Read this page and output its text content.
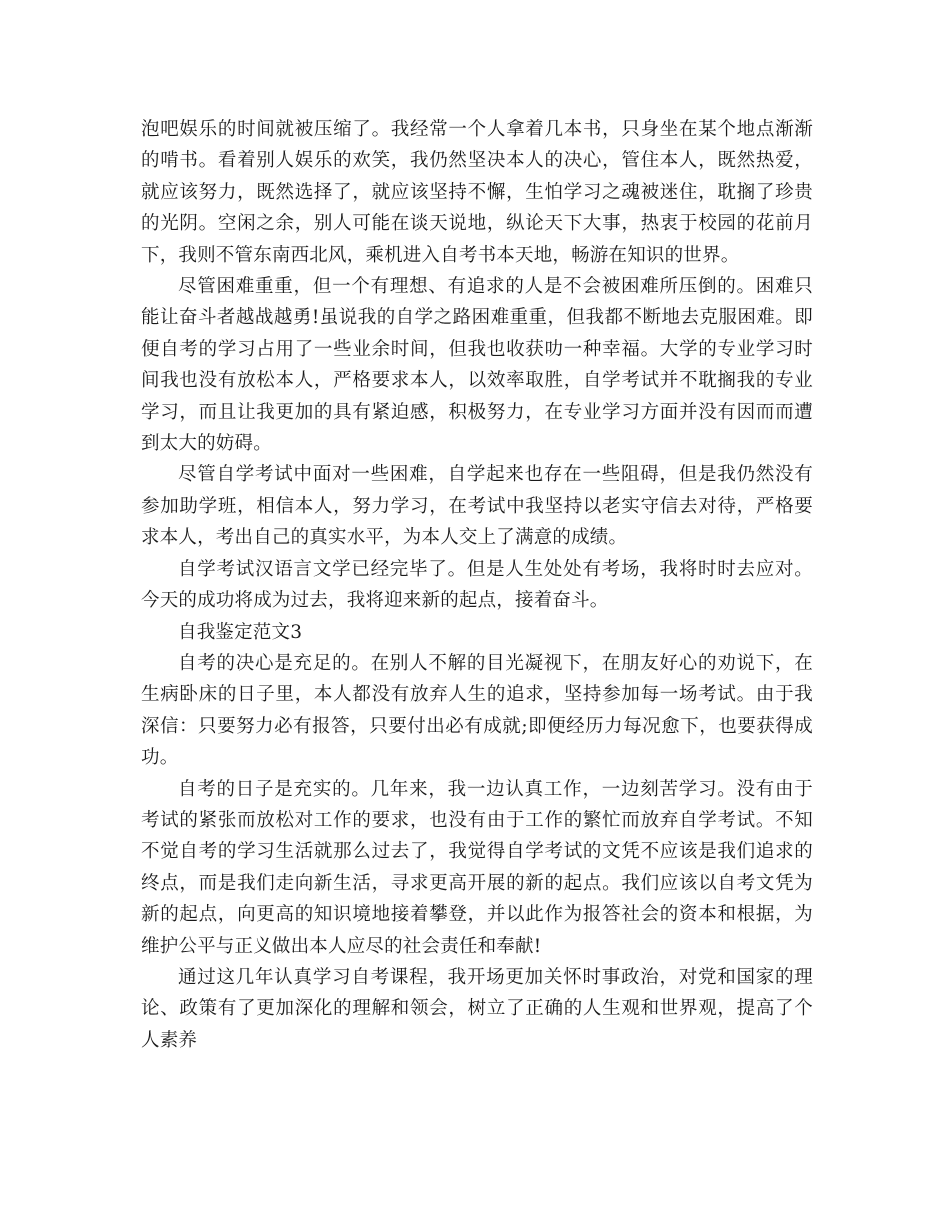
泡吧娱乐的时间就被压缩了。我经常一个人拿着几本书，只身坐在某个地点渐渐的啃书。看着别人娱乐的欢笑，我仍然坚决本人的决心，管住本人，既然热爱，就应该努力，既然选择了，就应该坚持不懈，生怕学习之魂被迷住，耽搁了珍贵的光阴。空闲之余，别人可能在谈天说地，纵论天下大事，热衷于校园的花前月下，我则不管东南西北风，乘机进入自考书本天地，畅游在知识的世界。

尽管困难重重，但一个有理想、有追求的人是不会被困难所压倒的。困难只能让奋斗者越战越勇!虽说我的自学之路困难重重，但我都不断地去克服困难。即便自考的学习占用了一些业余时间，但我也收获叻一种幸福。大学的专业学习时间我也没有放松本人，严格要求本人，以效率取胜，自学考试并不耽搁我的专业学习，而且让我更加的具有紧迫感，积极努力，在专业学习方面并没有因而而遭到太大的妨碍。

尽管自学考试中面对一些困难，自学起来也存在一些阻碍，但是我仍然没有参加助学班，相信本人，努力学习，在考试中我坚持以老实守信去对待，严格要求本人，考出自己的真实水平，为本人交上了满意的成绩。

自学考试汉语言文学已经完毕了。但是人生处处有考场，我将时时去应对。今天的成功将成为过去，我将迎来新的起点，接着奋斗。

自我鉴定范文3

自考的决心是充足的。在别人不解的目光凝视下，在朋友好心的劝说下，在生病卧床的日子里，本人都没有放弃人生的追求，坚持参加每一场考试。由于我深信：只要努力必有报答，只要付出必有成就;即便经历力每况愈下，也要获得成功。

自考的日子是充实的。几年来，我一边认真工作，一边刻苦学习。没有由于考试的紧张而放松对工作的要求，也没有由于工作的繁忙而放弃自学考试。不知不觉自考的学习生活就那么过去了，我觉得自学考试的文凭不应该是我们追求的终点，而是我们走向新生活，寻求更高开展的新的起点。我们应该以自考文凭为新的起点，向更高的知识境地接着攀登，并以此作为报答社会的资本和根据，为维护公平与正义做出本人应尽的社会责任和奉献!

通过这几年认真学习自考课程，我开场更加关怀时事政治，对党和国家的理论、政策有了更加深化的理解和领会，树立了正确的人生观和世界观，提高了个人素养
